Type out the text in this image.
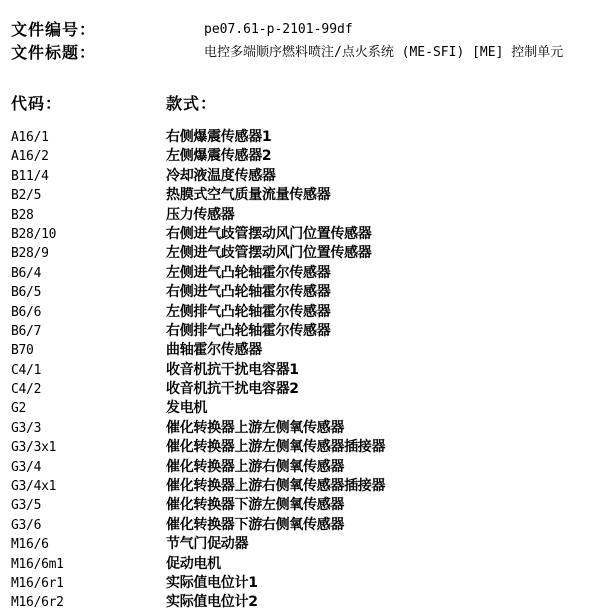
文件编号：	pe07.61-p-2101-99df
文件标题：	电控多端顺序燃料喷注/点火系统 (ME-SFI) [ME] 控制单元
代码：	款式：
A16/1	右侧爆震传感器1
A16/2	左侧爆震传感器2
B11/4	冷却液温度传感器
B2/5	热膜式空气质量流量传感器
B28	压力传感器
B28/10	右侧进气歧管摆动风门位置传感器
B28/9	左侧进气歧管摆动风门位置传感器
B6/4	左侧进气凸轮轴霍尔传感器
B6/5	右侧进气凸轮轴霍尔传感器
B6/6	左侧排气凸轮轴霍尔传感器
B6/7	右侧排气凸轮轴霍尔传感器
B70	曲轴霍尔传感器
C4/1	收音机抗干扰电容器1
C4/2	收音机抗干扰电容器2
G2	发电机
G3/3	催化转换器上游左侧氧传感器
G3/3x1	催化转换器上游左侧氧传感器插接器
G3/4	催化转换器上游右侧氧传感器
G3/4x1	催化转换器上游右侧氧传感器插接器
G3/5	催化转换器下游左侧氧传感器
G3/6	催化转换器下游右侧氧传感器
M16/6	节气门促动器
M16/6m1	促动电机
M16/6r1	实际值电位计1
M16/6r2	实际值电位计2
